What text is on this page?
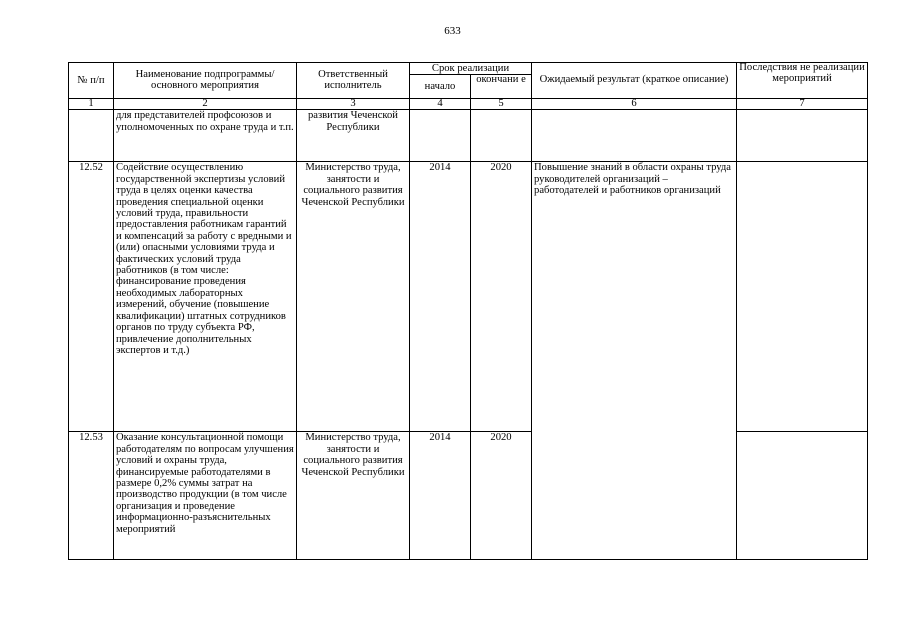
633
№ п/п	Наименование подпрограммы/ основного мероприятия	Ответственный исполнитель	Срок реализации		Ожидаемый результат (краткое описание)	Последствия не реализации мероприятий
			начало	окончани е		
1	2	3	4	5	6	7
	для представителей профсоюзов и уполномоченных по охране труда и т.п.	развития Чеченской Республики				
12.52	Содействие осуществлению государственной экспертизы условий труда в целях оценки качества проведения специальной оценки условий труда, правильности предоставления работникам гарантий и компенсаций за работу с вредными и (или) опасными условиями труда и фактических условий труда работников (в том числе: финансирование проведения необходимых лабораторных измерений, обучение (повышение квалификации) штатных сотрудников органов по труду субъекта РФ, привлечение дополнительных экспертов и т.д.)	Министерство труда, занятости и социального развития Чеченской Республики	2014	2020	Повышение знаний в области охраны труда руководителей организаций – работодателей и работников организаций	
12.53	Оказание консультационной помощи работодателям по вопросам улучшения условий и охраны труда, финансируемые работодателями в размере 0,2% суммы затрат на производство продукции (в том числе организация и проведение информационно-разъяснительных мероприятий	Министерство труда, занятости и социального развития Чеченской Республики	2014	2020		
